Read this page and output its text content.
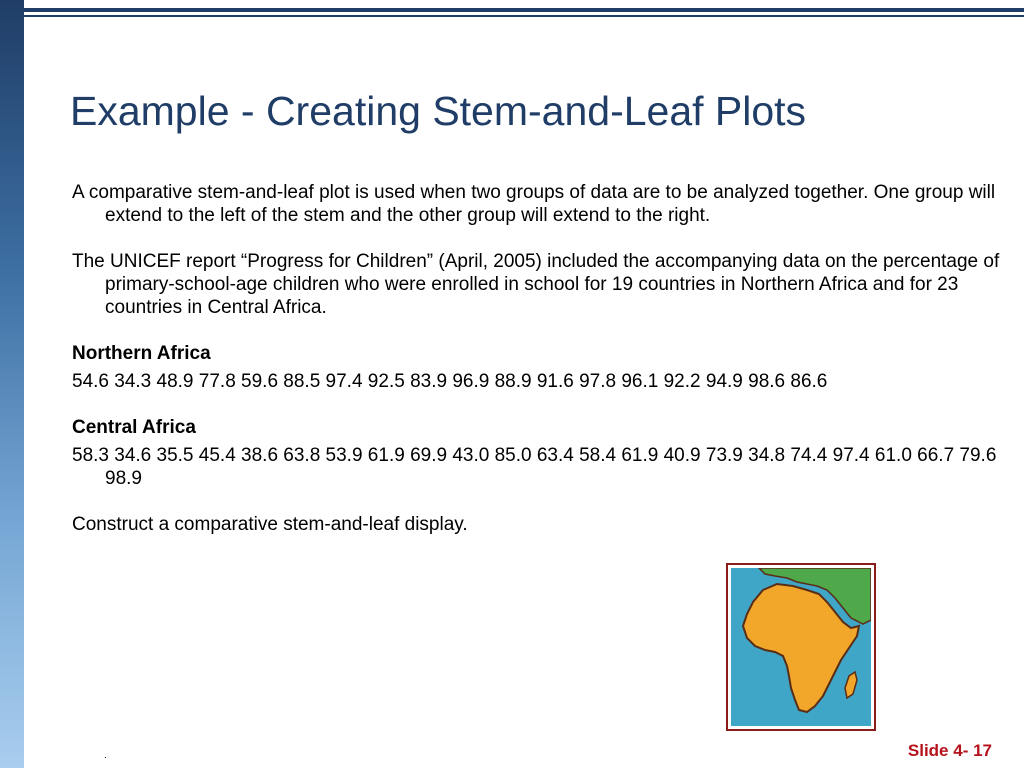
Example - Creating Stem-and-Leaf Plots

A comparative stem-and-leaf plot is used when two groups of data are to be analyzed together. One group will extend to the left of the stem and the other group will extend to the right.

The UNICEF report “Progress for Children” (April, 2005) included the accompanying data on the percentage of primary-school-age children who were enrolled in school for 19 countries in Northern Africa and for 23 countries in Central Africa.

Northern Africa

54.6 34.3 48.9 77.8 59.6 88.5 97.4 92.5 83.9 96.9 88.9 91.6 97.8 96.1 92.2 94.9 98.6 86.6

Central Africa

58.3 34.6 35.5 45.4 38.6 63.8 53.9 61.9 69.9 43.0 85.0 63.4 58.4 61.9 40.9 73.9 34.8 74.4 97.4 61.0 66.7 79.6 98.9

Construct a comparative stem-and-leaf display.

.	Slide 4- 17
